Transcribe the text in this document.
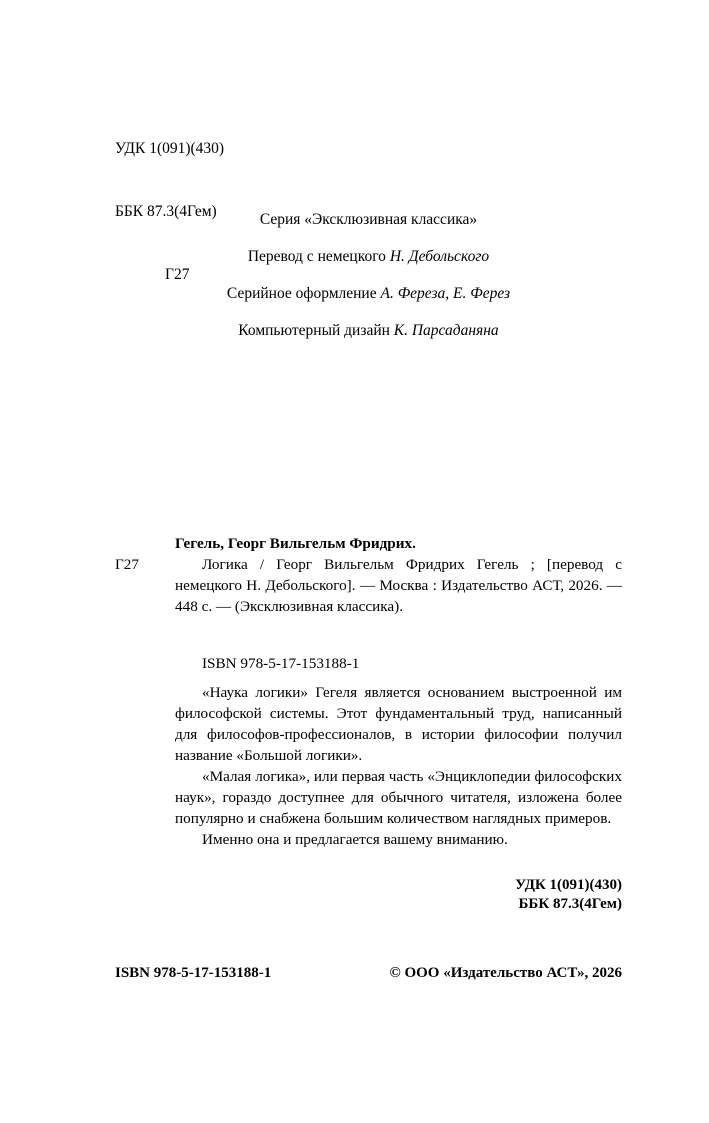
УДК 1(091)(430)

ББК 87.3(4Гем)

Г27

Серия «Эксклюзивная классика»
Перевод с немецкого Н. Дебольского
Серийное оформление А. Фереза, Е. Ферез
Компьютерный дизайн К. Парсаданяна
Гегель, Георг Вильгельм Фридрих.
Г27	Логика / Георг Вильгельм Фридрих Гегель ; [перевод с немецкого Н. Дебольского]. — Москва : Издательство АСТ, 2026. — 448 с. — (Эксклюзивная классика).
ISBN 978-5-17-153188-1

«Наука логики» Гегеля является основанием выстроенной им философской системы. Этот фундаментальный труд, написанный для философов-профессионалов, в истории философии получил название «Большой логики».

«Малая логика», или первая часть «Энциклопедии философских наук», гораздо доступнее для обычного читателя, изложена более популярно и снабжена большим количеством наглядных примеров.

Именно она и предлагается вашему вниманию.

УДК 1(091)(430)
ББК 87.3(4Гем)
ISBN 978-5-17-153188-1	© ООО «Издательство АСТ», 2026
